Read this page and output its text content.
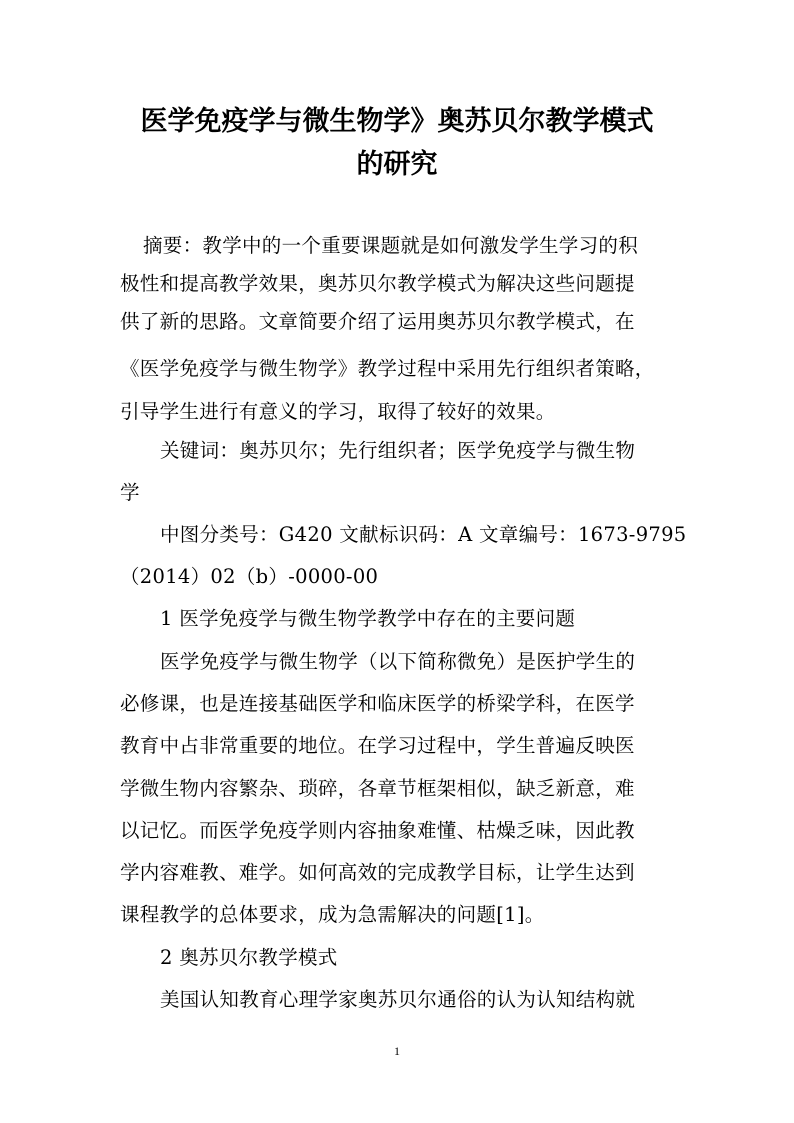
医学免疫学与微生物学》奥苏贝尔教学模式
的研究

摘要：教学中的一个重要课题就是如何激发学生学习的积

极性和提高教学效果，奥苏贝尔教学模式为解决这些问题提

供了新的思路。文章简要介绍了运用奥苏贝尔教学模式，在

《医学免疫学与微生物学》教学过程中采用先行组织者策略，

引导学生进行有意义的学习，取得了较好的效果。

关键词：奥苏贝尔；先行组织者；医学免疫学与微生物

学

中图分类号：G420 文献标识码：A 文章编号：1673-9795

（2014）02（b）-0000-00

1 医学免疫学与微生物学教学中存在的主要问题

医学免疫学与微生物学（以下简称微免）是医护学生的

必修课，也是连接基础医学和临床医学的桥梁学科，在医学

教育中占非常重要的地位。在学习过程中，学生普遍反映医

学微生物内容繁杂、琐碎，各章节框架相似，缺乏新意，难

以记忆。而医学免疫学则内容抽象难懂、枯燥乏味，因此教

学内容难教、难学。如何高效的完成教学目标，让学生达到

课程教学的总体要求，成为急需解决的问题[1]。

2 奥苏贝尔教学模式

美国认知教育心理学家奥苏贝尔通俗的认为认知结构就

1
